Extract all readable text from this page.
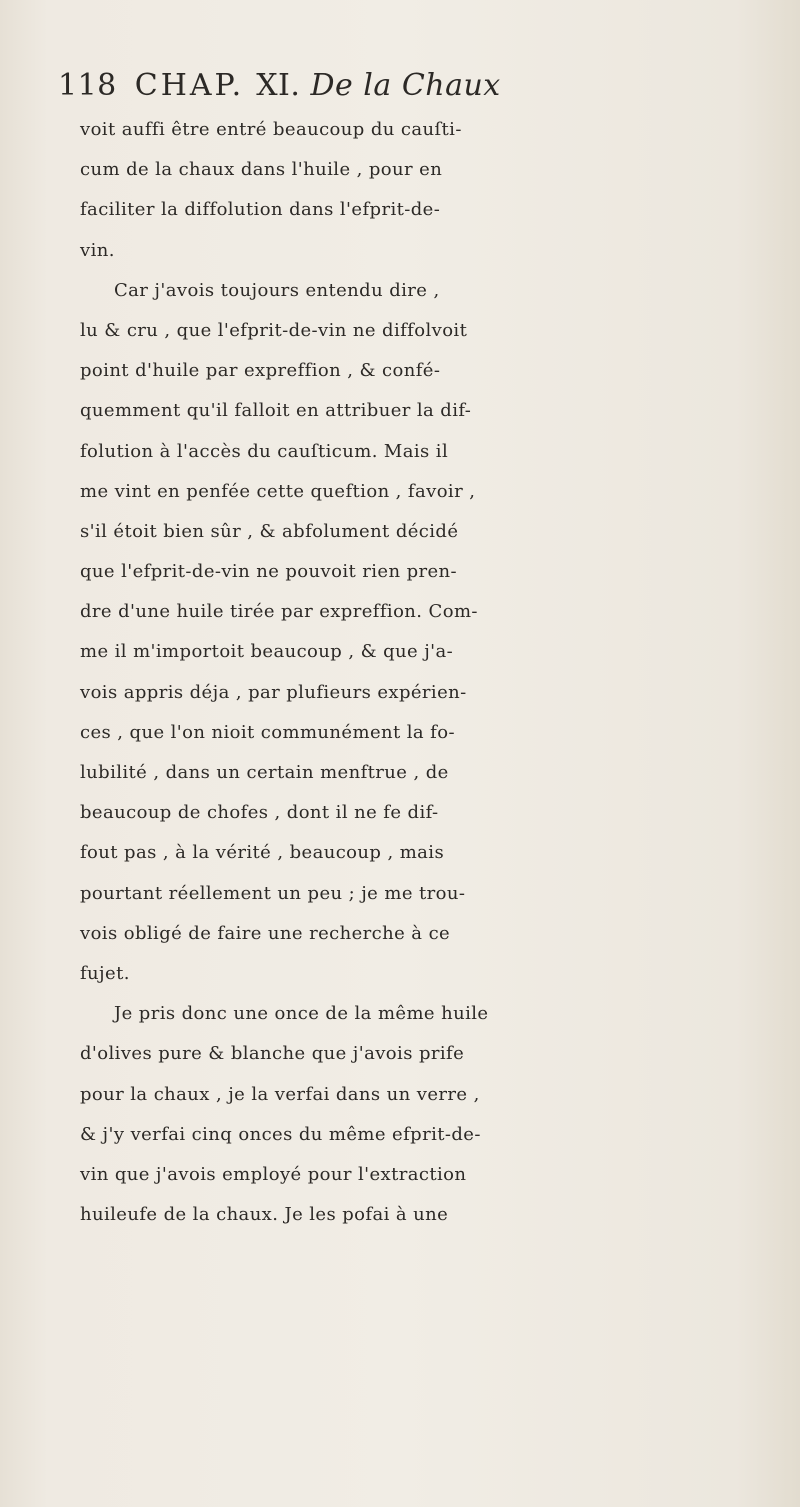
118 CHAP. XI. De la Chaux
voit auffi être entré beaucoup du cauſti-
cum de la chaux dans l'huile , pour en
faciliter la diffolution dans l'efprit-de-
vin.
Car j'avois toujours entendu dire ,
lu & cru , que l'efprit-de-vin ne diffolvoit
point d'huile par expreffion , & confé-
quemment qu'il falloit en attribuer la dif-
folution à l'accès du cauſticum. Mais il
me vint en penfée cette queftion , favoir ,
s'il étoit bien sûr , & abfolument décidé
que l'efprit-de-vin ne pouvoit rien pren-
dre d'une huile tirée par expreffion. Com-
me il m'importoit beaucoup , & que j'a-
vois appris déja , par plufieurs expérien-
ces , que l'on nioit communément la fo-
lubilité , dans un certain menftrue , de
beaucoup de chofes , dont il ne fe dif-
fout pas , à la vérité , beaucoup , mais
pourtant réellement un peu ; je me trou-
vois obligé de faire une recherche à ce
fujet.
Je pris donc une once de la même huile
d'olives pure & blanche que j'avois prife
pour la chaux , je la verfai dans un verre ,
& j'y verfai cinq onces du même efprit-de-
vin que j'avois employé pour l'extraction
huileufe de la chaux. Je les pofai à une
